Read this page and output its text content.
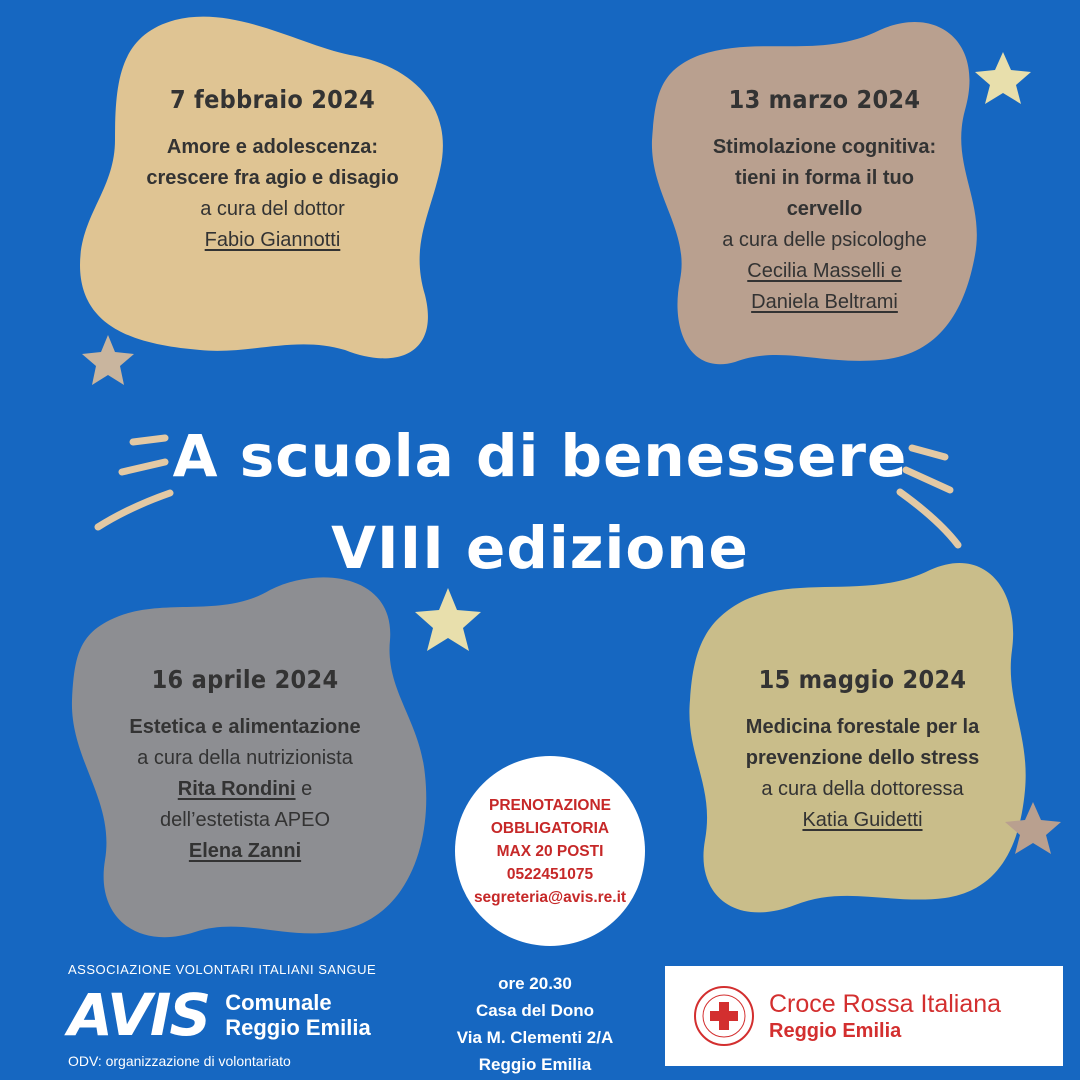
7 febbraio 2024
Amore e adolescenza:
crescere fra agio e disagio
a cura del dottor
Fabio Giannotti
13 marzo 2024
Stimolazione cognitiva:
tieni in forma il tuo
cervello
a cura delle psicologhe
Cecilia Masselli e
Daniela Beltrami
16 aprile 2024
Estetica e alimentazione
a cura della nutrizionista
Rita Rondini e
dell’estetista APEO
Elena Zanni
15 maggio 2024
Medicina forestale per la
prevenzione dello stress
a cura della dottoressa
Katia Guidetti
A scuola di benessere
VIII edizione
PRENOTAZIONE
OBBLIGATORIA
MAX 20 POSTI
0522451075
segreteria@avis.re.it
ASSOCIAZIONE VOLONTARI ITALIANI SANGUE
AVIS Comunale
Reggio Emilia
ODV: organizzazione di volontariato
ore 20.30
Casa del Dono
Via M. Clementi 2/A
Reggio Emilia
Croce Rossa Italiana
Reggio Emilia
